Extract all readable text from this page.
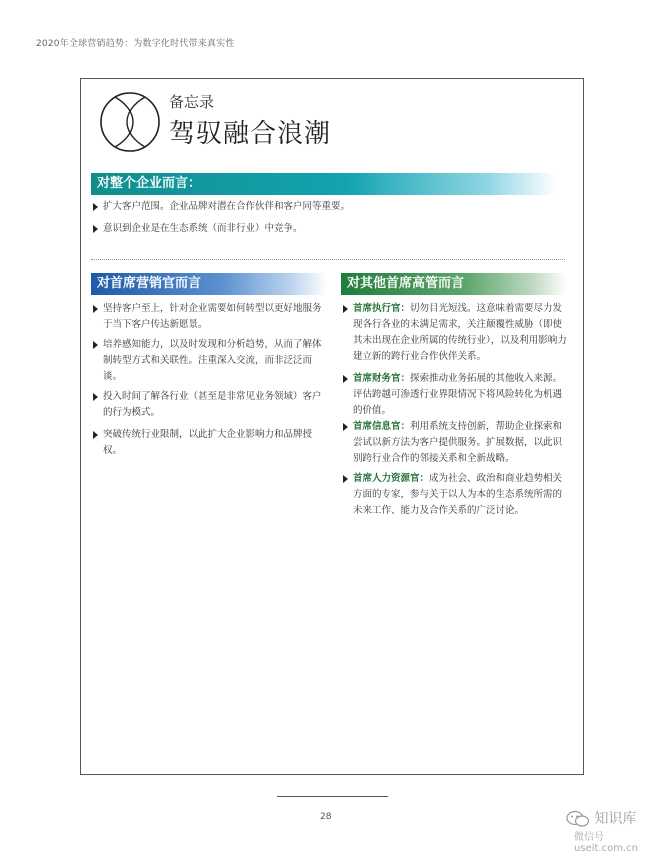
2020年全球营销趋势：为数字化时代带来真实性
备忘录
驾驭融合浪潮
对整个企业而言：
扩大客户范围。企业品牌对潜在合作伙伴和客户同等重要。
意识到企业是在生态系统（而非行业）中竞争。
对首席营销官而言
坚持客户至上，针对企业需要如何转型以更好地服务于当下客户传达新愿景。
培养感知能力，以及时发现和分析趋势，从而了解体制转型方式和关联性。注重深入交流，而非泛泛而谈。
投入时间了解各行业（甚至是非常见业务领域）客户的行为模式。
突破传统行业限制，以此扩大企业影响力和品牌授权。
对其他首席高管而言
首席执行官：切勿目光短浅。这意味着需要尽力发现各行各业的未满足需求，关注颠覆性威胁（即使其未出现在企业所属的传统行业），以及利用影响力建立新的跨行业合作伙伴关系。
首席财务官：探索推动业务拓展的其他收入来源。评估跨越可渗透行业界限情况下将风险转化为机遇的价值。
首席信息官：利用系统支持创新，帮助企业探索和尝试以新方法为客户提供服务。扩展数据，以此识别跨行业合作的邻接关系和全新战略。
首席人力资源官：成为社会、政治和商业趋势相关方面的专家，参与关于以人为本的生态系统所需的未来工作、能力及合作关系的广泛讨论。
28	知识库
微信号 useit.com.cn
